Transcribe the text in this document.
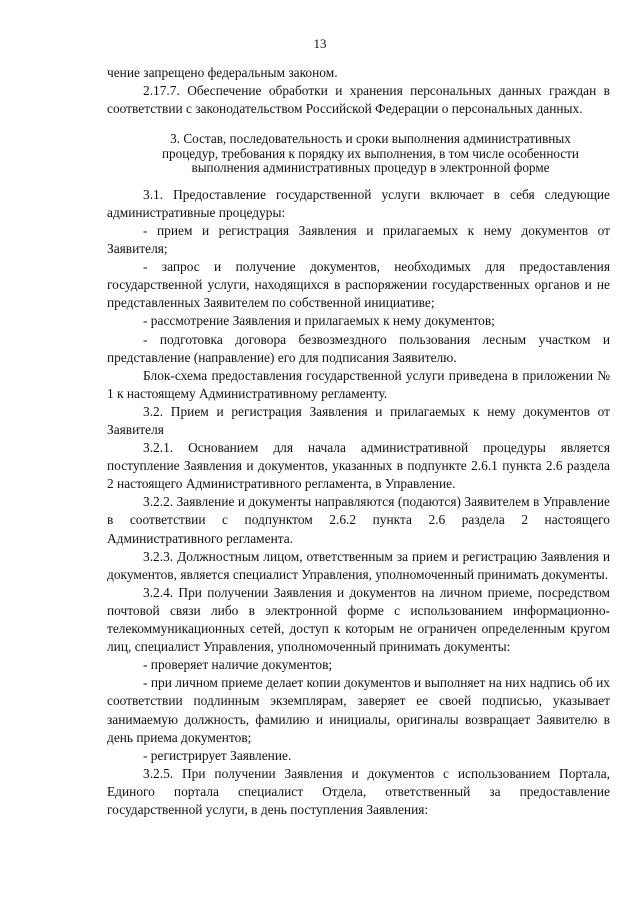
13

чение запрещено федеральным законом.

2.17.7. Обеспечение обработки и хранения персональных данных граждан в соответствии с законодательством Российской Федерации о персональных данных.

3. Состав, последовательность и сроки выполнения административных процедур, требования к порядку их выполнения, в том числе особенности выполнения административных процедур в электронной форме

3.1. Предоставление государственной услуги включает в себя следующие административные процедуры:

- прием и регистрация Заявления и прилагаемых к нему документов от Заявителя;

- запрос и получение документов, необходимых для предоставления государственной услуги, находящихся в распоряжении государственных органов и не представленных Заявителем по собственной инициативе;

- рассмотрение Заявления и прилагаемых к нему документов;

- подготовка договора безвозмездного пользования лесным участком и представление (направление) его для подписания Заявителю.

Блок-схема предоставления государственной услуги приведена в приложении № 1 к настоящему Административному регламенту.

3.2. Прием и регистрация Заявления и прилагаемых к нему документов от Заявителя

3.2.1. Основанием для начала административной процедуры является поступление Заявления и документов, указанных в подпункте 2.6.1 пункта 2.6 раздела 2 настоящего Административного регламента, в Управление.

3.2.2. Заявление и документы направляются (подаются) Заявителем в Управление в соответствии с подпунктом 2.6.2 пункта 2.6 раздела 2 настоящего Административного регламента.

3.2.3. Должностным лицом, ответственным за прием и регистрацию Заявления и документов, является специалист Управления, уполномоченный принимать документы.

3.2.4. При получении Заявления и документов на личном приеме, посредством почтовой связи либо в электронной форме с использованием информационно-телекоммуникационных сетей, доступ к которым не ограничен определенным кругом лиц, специалист Управления, уполномоченный принимать документы:

- проверяет наличие документов;

- при личном приеме делает копии документов и выполняет на них надпись об их соответствии подлинным экземплярам, заверяет ее своей подписью, указывает занимаемую должность, фамилию и инициалы, оригиналы возвращает Заявителю в день приема документов;

- регистрирует Заявление.

3.2.5. При получении Заявления и документов с использованием Портала, Единого портала специалист Отдела, ответственный за предоставление государственной услуги, в день поступления Заявления:
